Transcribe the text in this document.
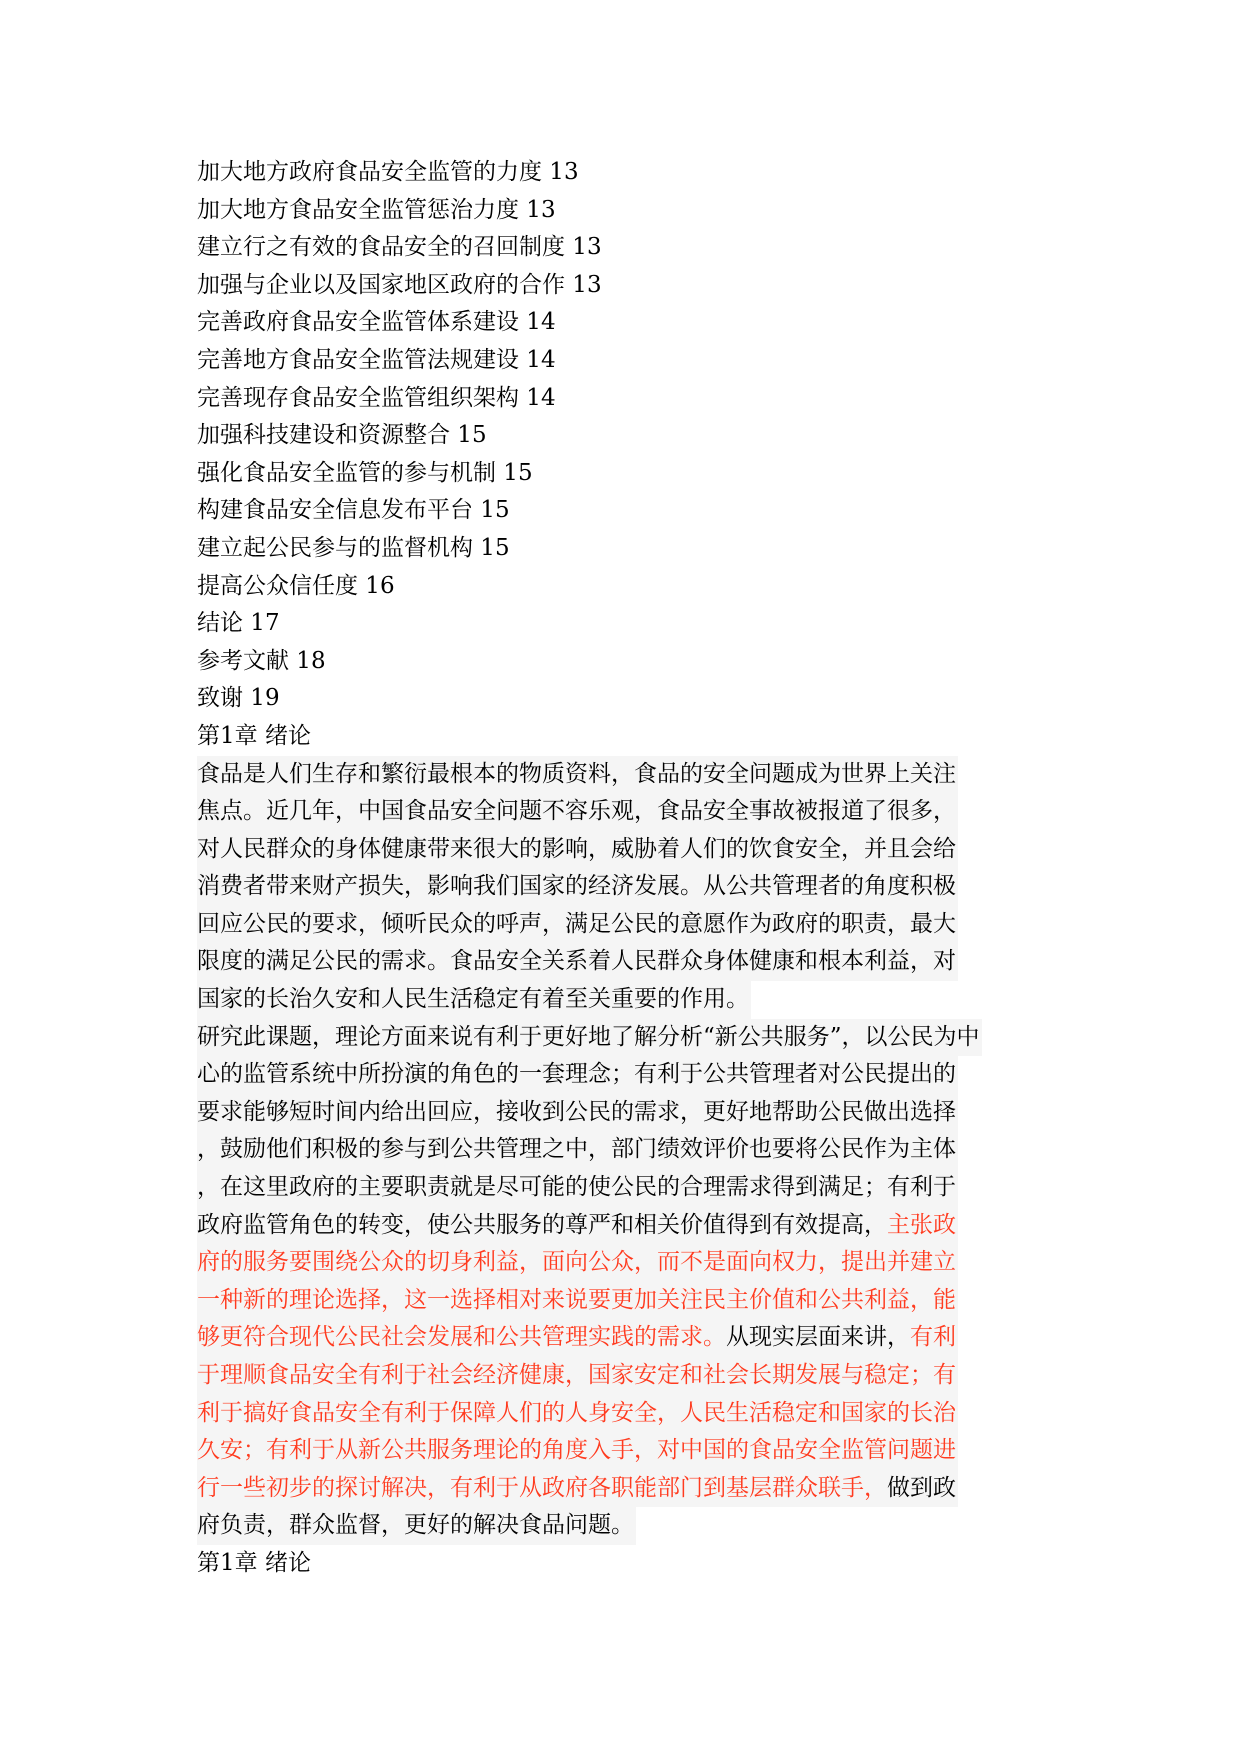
加大地方政府食品安全监管的力度 13
加大地方食品安全监管惩治力度 13
建立行之有效的食品安全的召回制度 13
加强与企业以及国家地区政府的合作 13
完善政府食品安全监管体系建设 14
完善地方食品安全监管法规建设 14
完善现存食品安全监管组织架构 14
加强科技建设和资源整合 15
强化食品安全监管的参与机制 15
构建食品安全信息发布平台 15
建立起公民参与的监督机构 15
提高公众信任度 16
结论 17
参考文献 18
致谢 19
第1章 绪论
食品是人们生存和繁衍最根本的物质资料，食品的安全问题成为世界上关注
焦点。近几年，中国食品安全问题不容乐观，食品安全事故被报道了很多，
对人民群众的身体健康带来很大的影响，威胁着人们的饮食安全，并且会给
消费者带来财产损失，影响我们国家的经济发展。从公共管理者的角度积极
回应公民的要求，倾听民众的呼声，满足公民的意愿作为政府的职责，最大
限度的满足公民的需求。食品安全关系着人民群众身体健康和根本利益，对
国家的长治久安和人民生活稳定有着至关重要的作用。
研究此课题，理论方面来说有利于更好地了解分析“新公共服务”，以公民为中
心的监管系统中所扮演的角色的一套理念；有利于公共管理者对公民提出的
要求能够短时间内给出回应，接收到公民的需求，更好地帮助公民做出选择
，鼓励他们积极的参与到公共管理之中，部门绩效评价也要将公民作为主体
，在这里政府的主要职责就是尽可能的使公民的合理需求得到满足；有利于
政府监管角色的转变，使公共服务的尊严和相关价值得到有效提高，主张政
府的服务要围绕公众的切身利益，面向公众，而不是面向权力，提出并建立
一种新的理论选择，这一选择相对来说要更加关注民主价值和公共利益，能
够更符合现代公民社会发展和公共管理实践的需求。从现实层面来讲，有利
于理顺食品安全有利于社会经济健康，国家安定和社会长期发展与稳定；有
利于搞好食品安全有利于保障人们的人身安全，人民生活稳定和国家的长治
久安；有利于从新公共服务理论的角度入手，对中国的食品安全监管问题进
行一些初步的探讨解决，有利于从政府各职能部门到基层群众联手，做到政
府负责，群众监督，更好的解决食品问题。
第1章 绪论
